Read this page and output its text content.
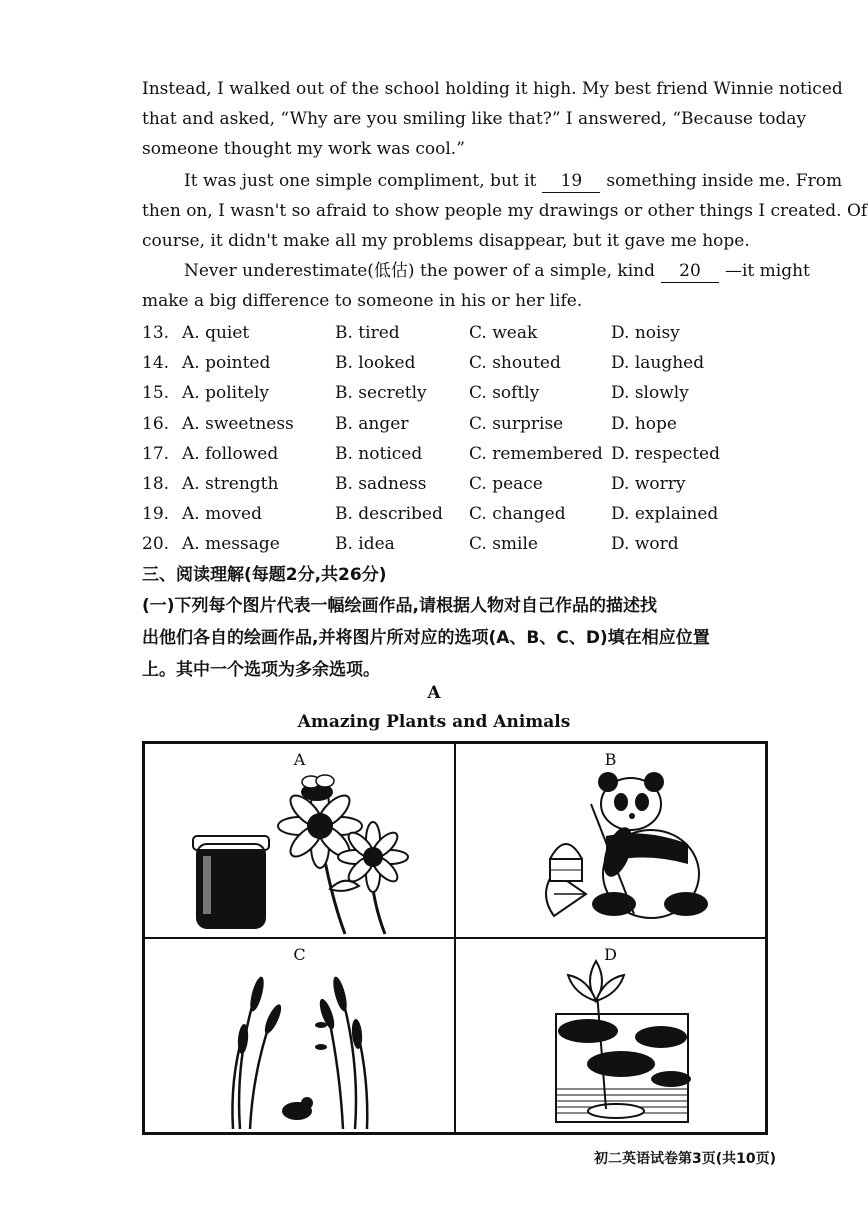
Instead, I walked out of the school holding it high. My best friend Winnie noticed
that and asked, “Why are you smiling like that?” I answered, “Because today
someone thought my work was cool.”
It was just one simple compliment, but it 19 something inside me. From
then on, I wasn't so afraid to show people my drawings or other things I created. Of
course, it didn't make all my problems disappear, but it gave me hope.
Never underestimate(低估) the power of a simple, kind 20 —it might
make a big difference to someone in his or her life.
13. A. quiet	B. tired	C. weak	D. noisy
14. A. pointed	B. looked	C. shouted	D. laughed
15. A. politely	B. secretly	C. softly	D. slowly
16. A. sweetness	B. anger	C. surprise	D. hope
17. A. followed	B. noticed	C. remembered D. respected
18. A. strength	B. sadness	C. peace	D. worry
19. A. moved	B. described	C. changed	D. explained
20. A. message	B. idea	C. smile	D. word
三、阅读理解(每题2分,共26分)
(一)下列每个图片代表一幅绘画作品,请根据人物对自己作品的描述找
出他们各自的绘画作品,并将图片所对应的选项(A、B、C、D)填在相应位置
上。其中一个选项为多余选项。
A
Amazing Plants and Animals
A	B
C	D
初二英语试卷第3页(共10页)
